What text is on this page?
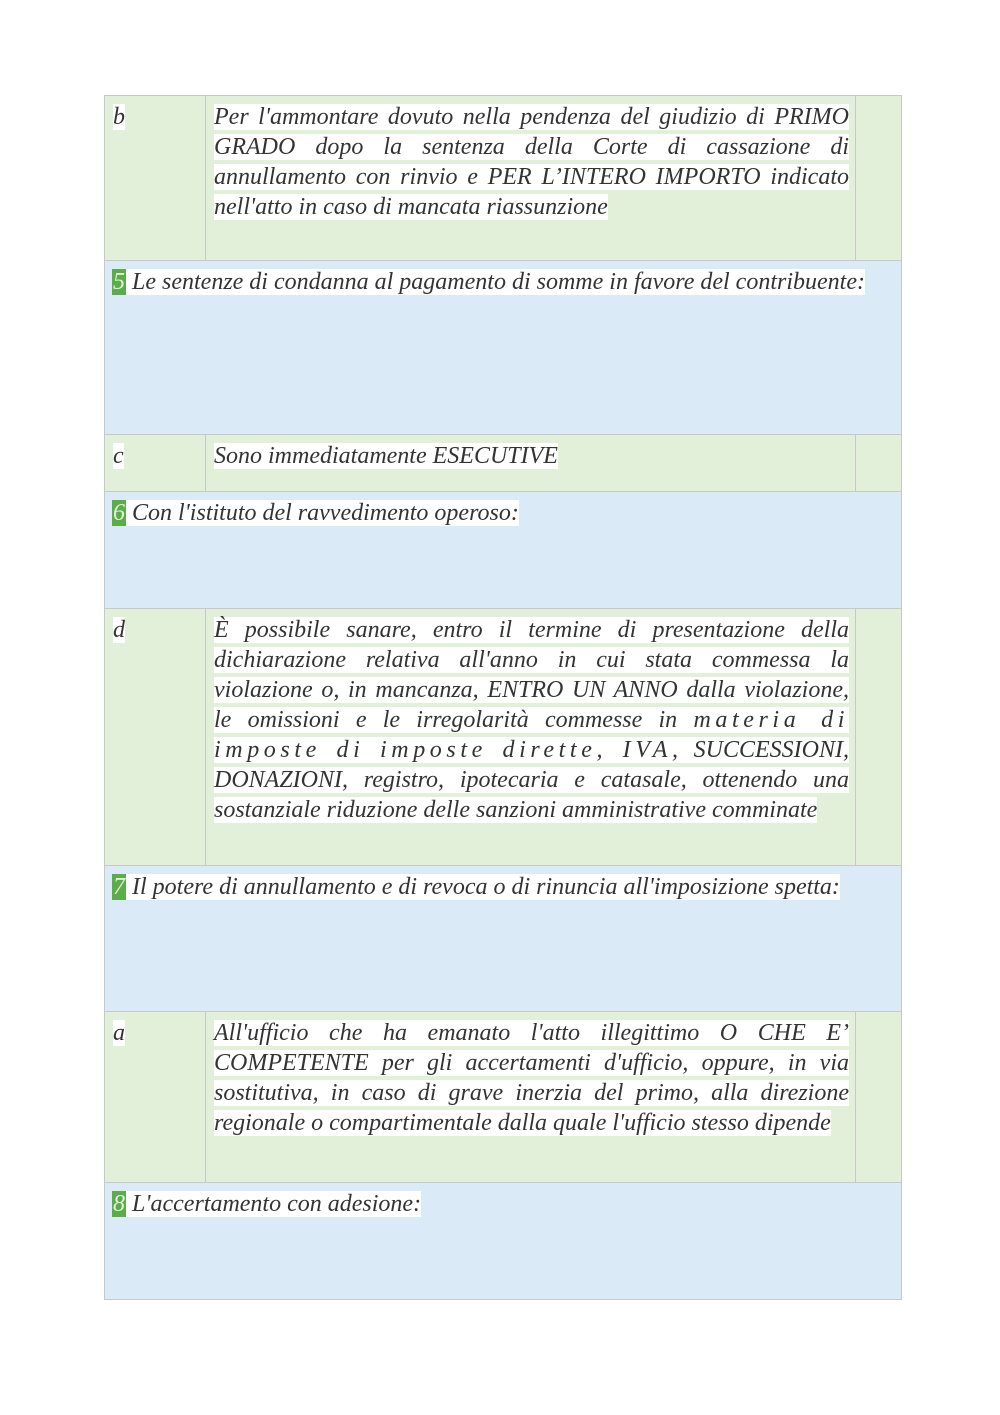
b	Per l'ammontare dovuto nella pendenza del giudizio di PRIMO GRADO dopo la sentenza della Corte di cassazione di annullamento con rinvio e PER L’INTERO IMPORTO indicato nell'atto in caso di mancata riassunzione
5 Le sentenze di condanna al pagamento di somme in favore del contribuente:
c	Sono immediatamente ESECUTIVE
6 Con l'istituto del ravvedimento operoso:
d	È possibile sanare, entro il termine di presentazione della dichiarazione relativa all'anno in cui stata commessa la violazione o, in mancanza, ENTRO UN ANNO dalla violazione, le omissioni e le irregolarità commesse in materia di imposte di imposte dirette, IVA, SUCCESSIONI, DONAZIONI, registro, ipotecaria e catasale, ottenendo una sostanziale riduzione delle sanzioni amministrative comminate
7 Il potere di annullamento e di revoca o di rinuncia all'imposizione spetta:
a	All'ufficio che ha emanato l'atto illegittimo O CHE E’ COMPETENTE per gli accertamenti d'ufficio, oppure, in via sostitutiva, in caso di grave inerzia del primo, alla direzione regionale o compartimentale dalla quale l'ufficio stesso dipende
8 L'accertamento con adesione:
